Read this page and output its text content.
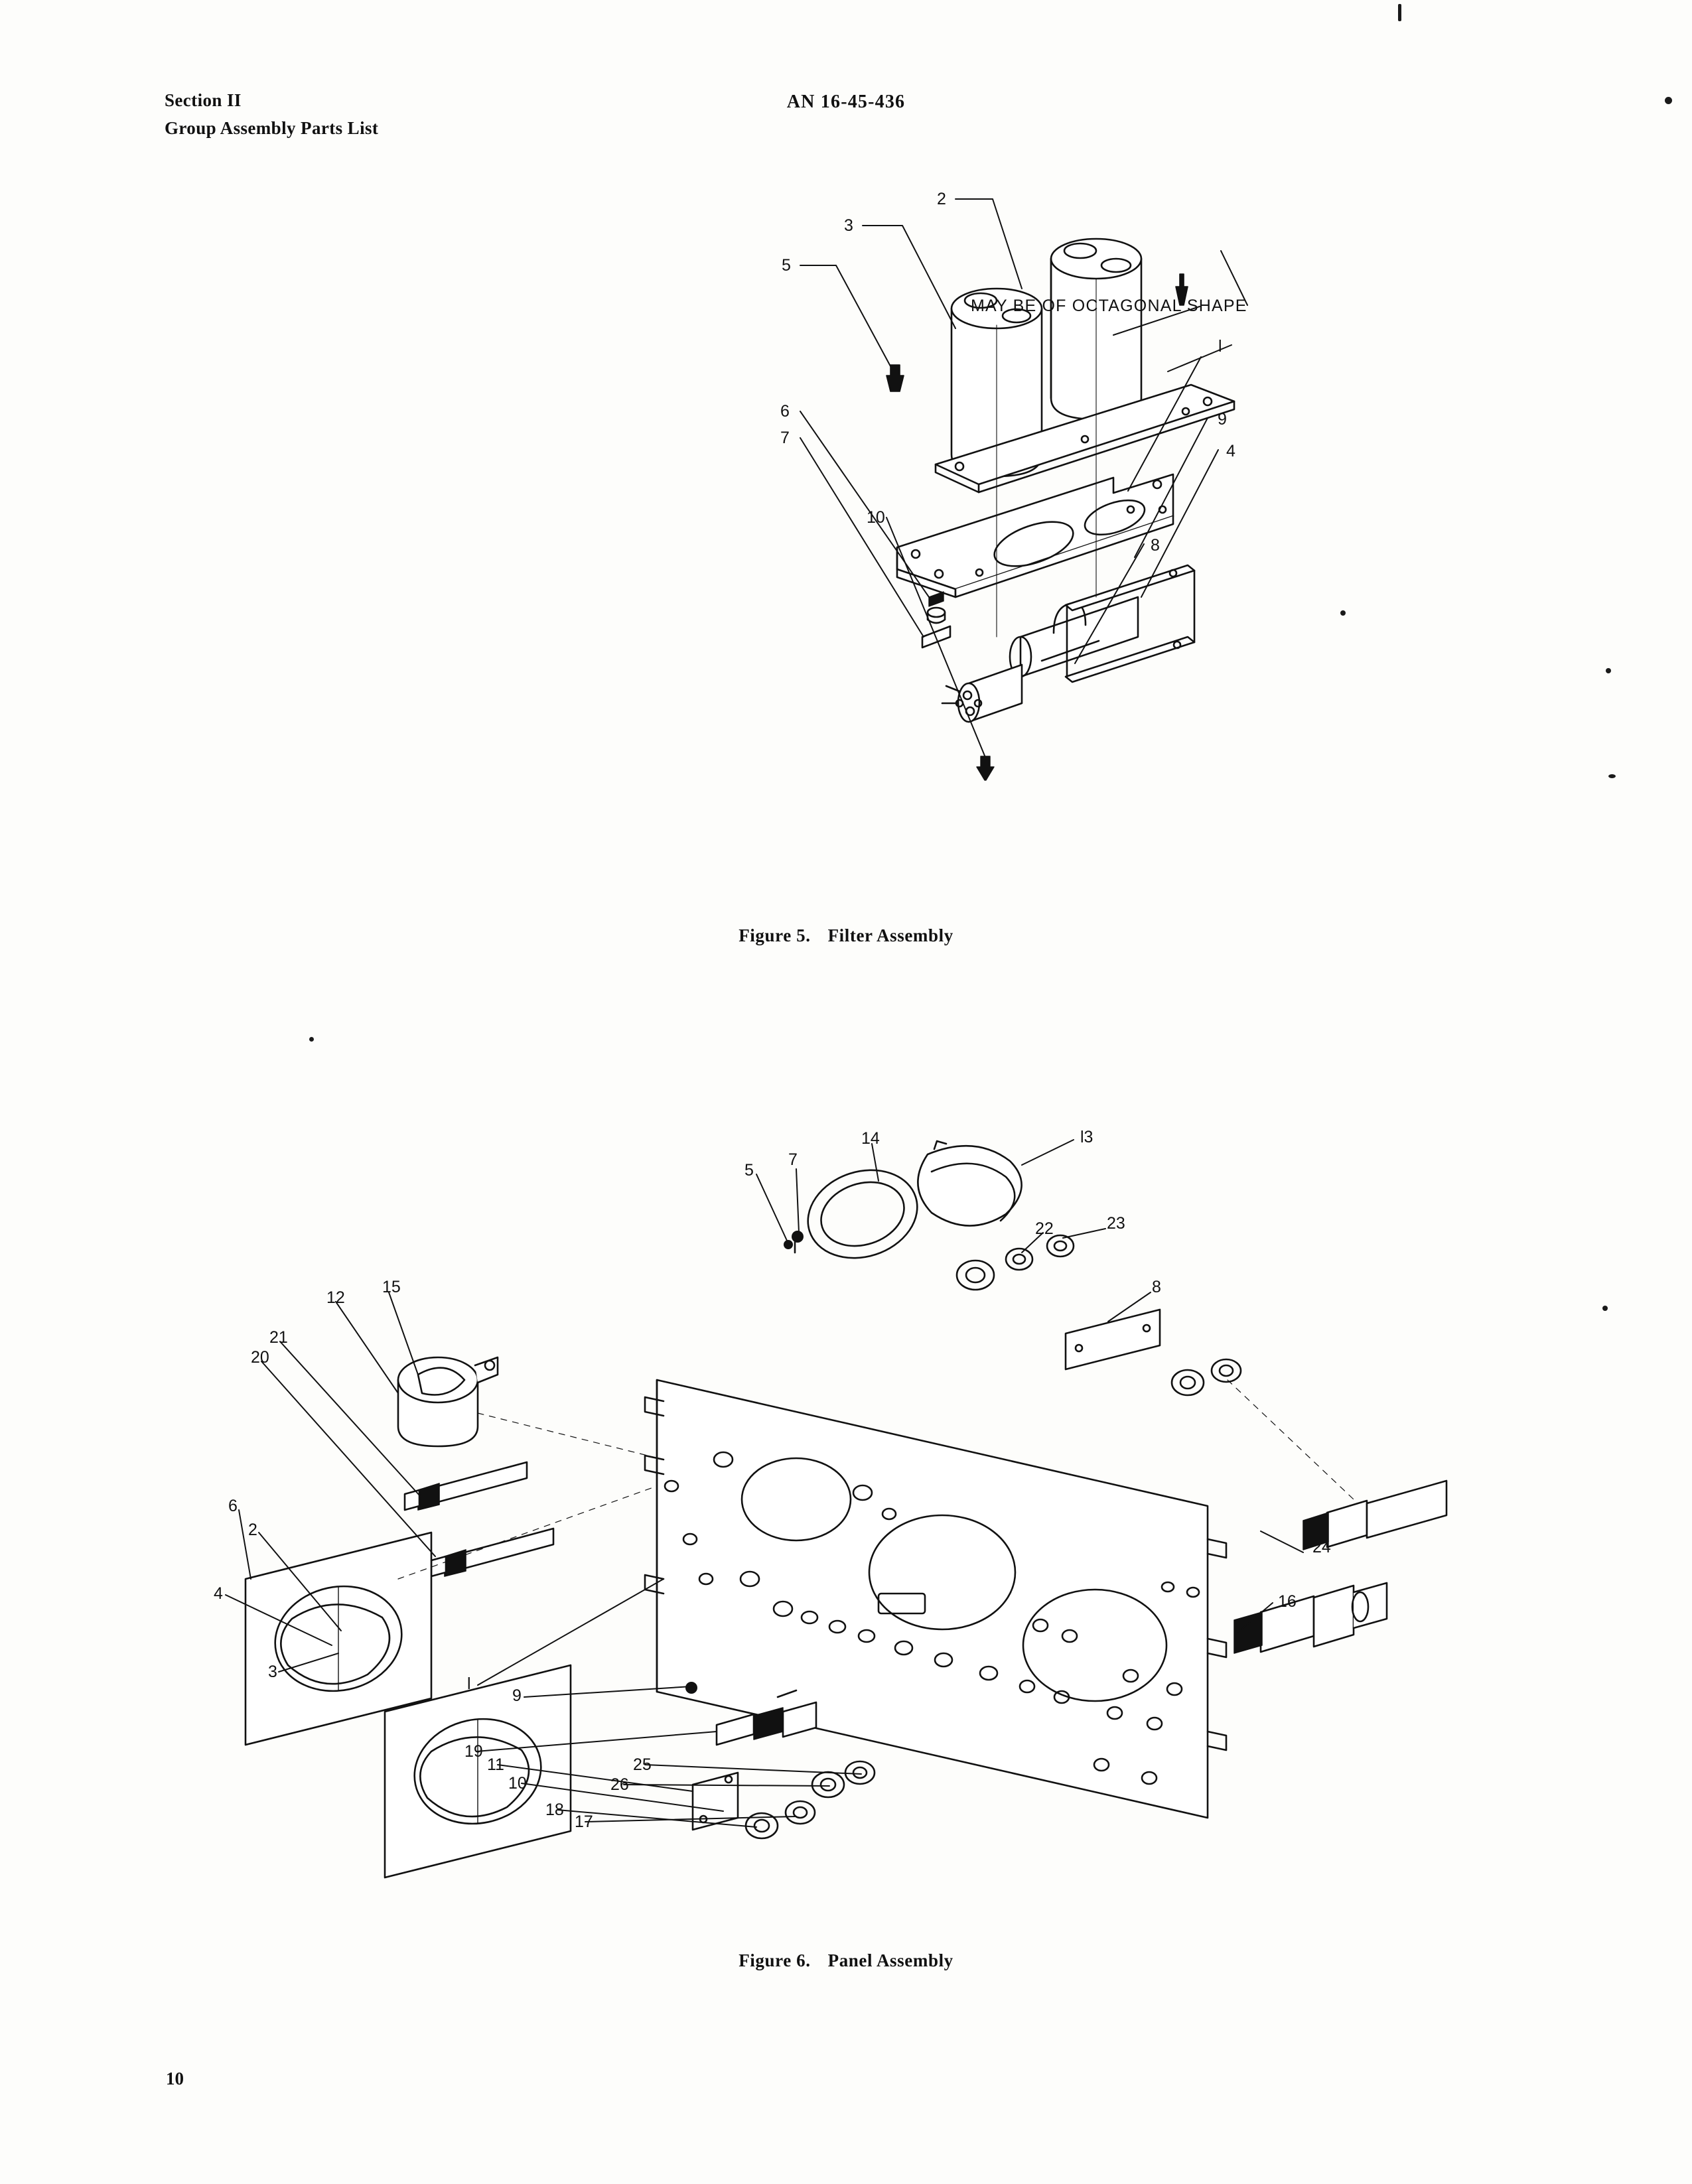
Section II
Group Assembly Parts List
AN 16-45-436
2
3
5
9
4
l
6
7
10
8
MAY BE OF OCTAGONAL SHAPE
Figure 5. Filter Assembly
l3
14
7
5
23
22
8
15
12
21
20
24
16
6
2
4
3
l
9
19
11
10
18
17
26
25
Figure 6. Panel Assembly
10
